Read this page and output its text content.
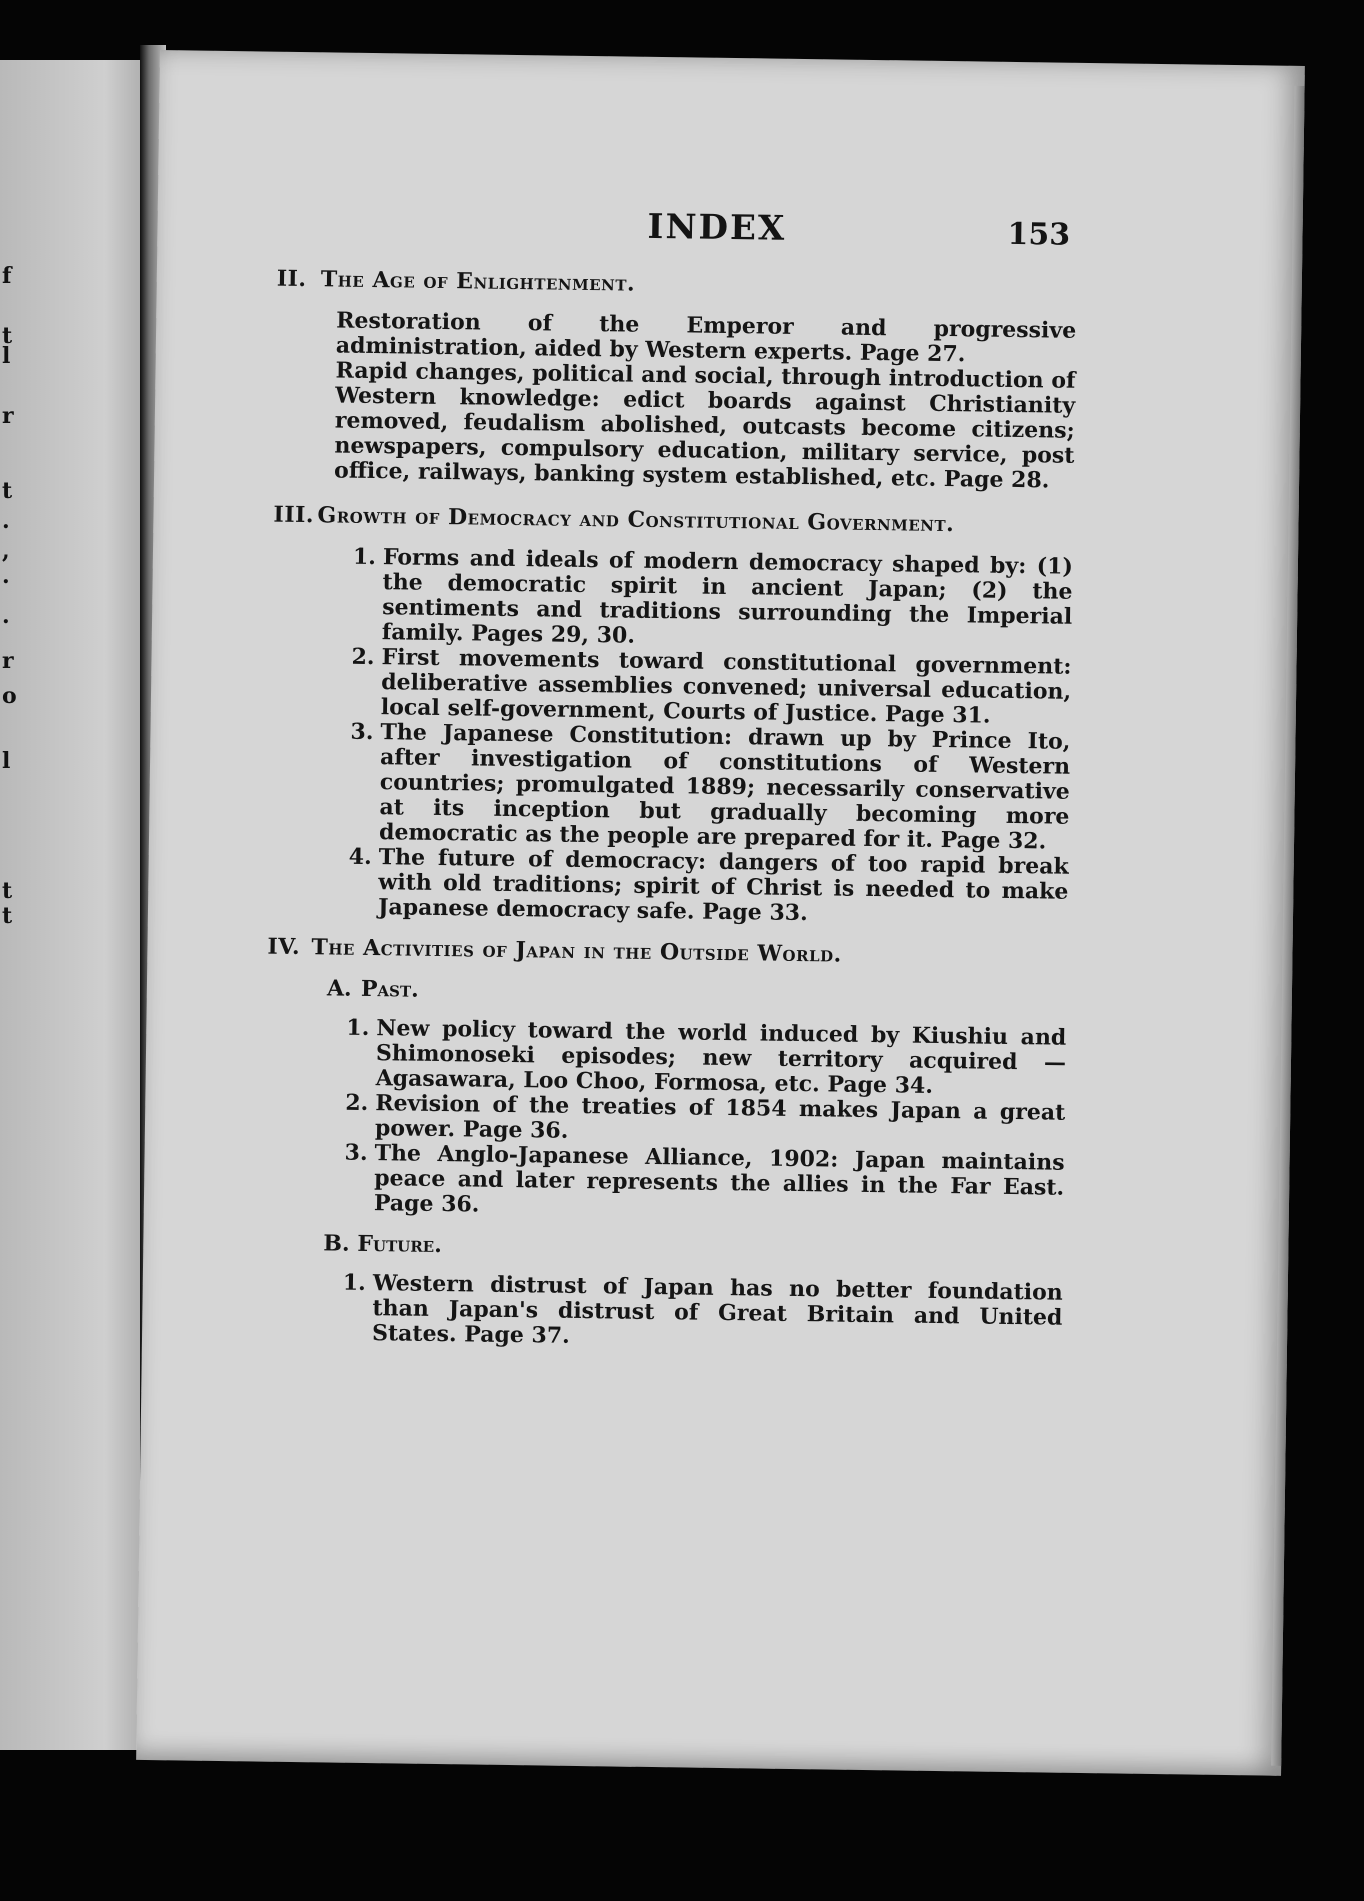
f
t
l
r
t
.
,
.
.
r
o
l
t
t
INDEX	153
II. The Age of Enlightenment.

Restoration of the Emperor and progressive administration, aided by Western experts. Page 27.

Rapid changes, political and social, through introduction of Western knowledge: edict boards against Christianity removed, feudalism abolished, outcasts become citizens; newspapers, compulsory education, military service, post office, railways, banking system established, etc. Page 28.

III. Growth of Democracy and Constitutional Government.
1. Forms and ideals of modern democracy shaped by: (1) the democratic spirit in ancient Japan; (2) the sentiments and traditions surrounding the Imperial family. Pages 29, 30.
2. First movements toward constitutional government: deliberative assemblies convened; universal education, local self-government, Courts of Justice. Page 31.
3. The Japanese Constitution: drawn up by Prince Ito, after investigation of constitutions of Western countries; promulgated 1889; necessarily conservative at its inception but gradually becoming more democratic as the people are prepared for it. Page 32.
4. The future of democracy: dangers of too rapid break with old traditions; spirit of Christ is needed to make Japanese democracy safe. Page 33.
IV. The Activities of Japan in the Outside World.
A. Past.
1. New policy toward the world induced by Kiushiu and Shimonoseki episodes; new territory acquired —Agasawara, Loo Choo, Formosa, etc. Page 34.
2. Revision of the treaties of 1854 makes Japan a great power. Page 36.
3. The Anglo-Japanese Alliance, 1902: Japan maintains peace and later represents the allies in the Far East. Page 36.
B. Future.
1. Western distrust of Japan has no better foundation than Japan's distrust of Great Britain and United States. Page 37.
